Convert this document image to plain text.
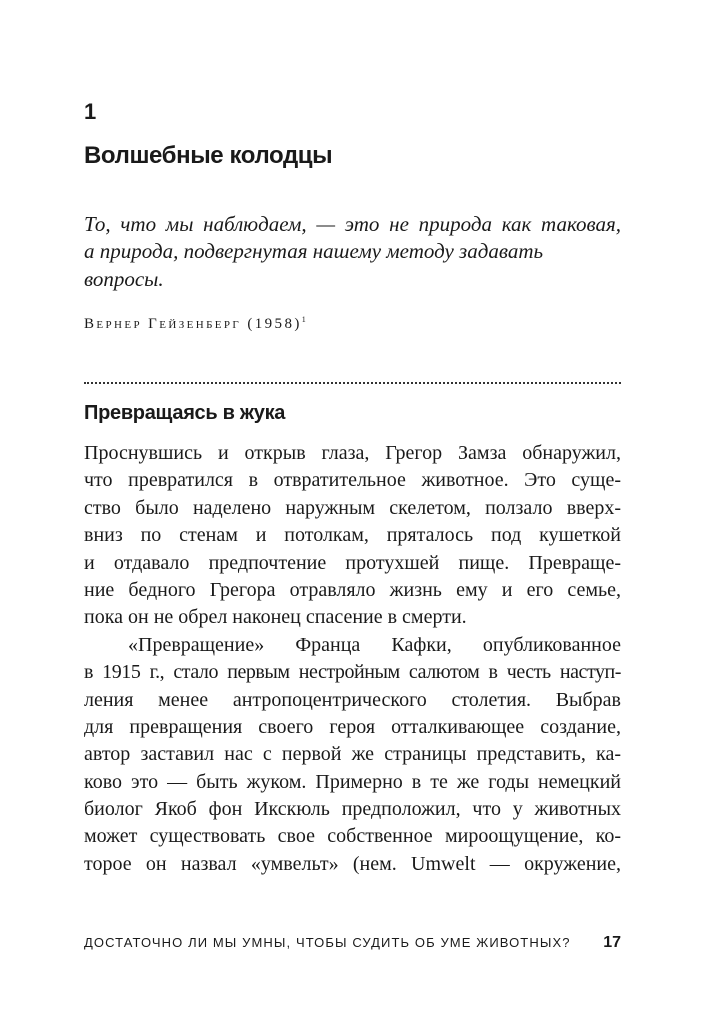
1
Волшебные колодцы
То, что мы наблюдаем, — это не природа как таковая,
а природа, подвергнутая нашему методу задавать
вопросы.
Вернер Гейзенберг $(1958)^1$
Превращаясь в жука

Проснувшись и открыв глаза, Грегор Замза обнаружил,
что превратился в отвратительное животное. Это суще-
ство было наделено наружным скелетом, ползало вверх-
вниз по стенам и потолкам, пряталось под кушеткой
и отдавало предпочтение протухшей пище. Превраще-
ние бедного Грегора отравляло жизнь ему и его семье,
пока он не обрел наконец спасение в смерти.

«Превращение» Франца Кафки, опубликованное
в 1915 г., стало первым нестройным салютом в честь наступ-
ления менее антропоцентрического столетия. Выбрав
для превращения своего героя отталкивающее создание,
автор заставил нас с первой же страницы представить, ка-
ково это — быть жуком. Примерно в те же годы немецкий
биолог Якоб фон Икскюль предположил, что у животных
может существовать свое собственное мироощущение, ко-
торое он назвал «умвельт» (нем. Umwelt — окружение,

ДОСТАТОЧНО ЛИ МЫ УМНЫ, ЧТОБЫ СУДИТЬ ОБ УМЕ ЖИВОТНЫХ? 17
